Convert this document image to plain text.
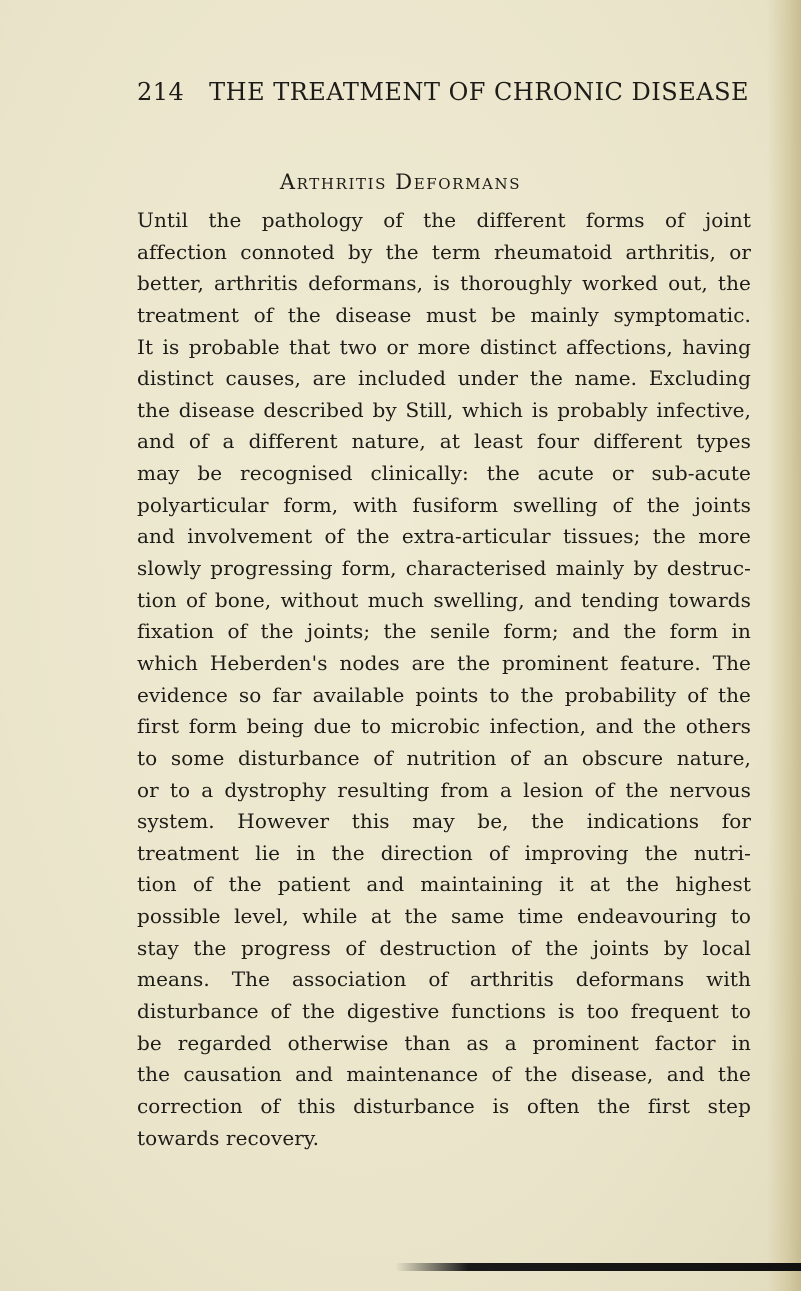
214 THE TREATMENT OF CHRONIC DISEASE
Arthritis Deformans
Until the pathology of the different forms of joint
affection connoted by the term rheumatoid arthritis, or
better, arthritis deformans, is thoroughly worked out, the
treatment of the disease must be mainly symptomatic.
It is probable that two or more distinct affections, having
distinct causes, are included under the name. Excluding
the disease described by Still, which is probably infective,
and of a different nature, at least four different types
may be recognised clinically: the acute or sub-acute
polyarticular form, with fusiform swelling of the joints
and involvement of the extra-articular tissues; the more
slowly progressing form, characterised mainly by destruc-
tion of bone, without much swelling, and tending towards
fixation of the joints; the senile form; and the form in
which Heberden's nodes are the prominent feature. The
evidence so far available points to the probability of the
first form being due to microbic infection, and the others
to some disturbance of nutrition of an obscure nature,
or to a dystrophy resulting from a lesion of the nervous
system. However this may be, the indications for
treatment lie in the direction of improving the nutri-
tion of the patient and maintaining it at the highest
possible level, while at the same time endeavouring to
stay the progress of destruction of the joints by local
means. The association of arthritis deformans with
disturbance of the digestive functions is too frequent to
be regarded otherwise than as a prominent factor in
the causation and maintenance of the disease, and the
correction of this disturbance is often the first step
towards recovery.
